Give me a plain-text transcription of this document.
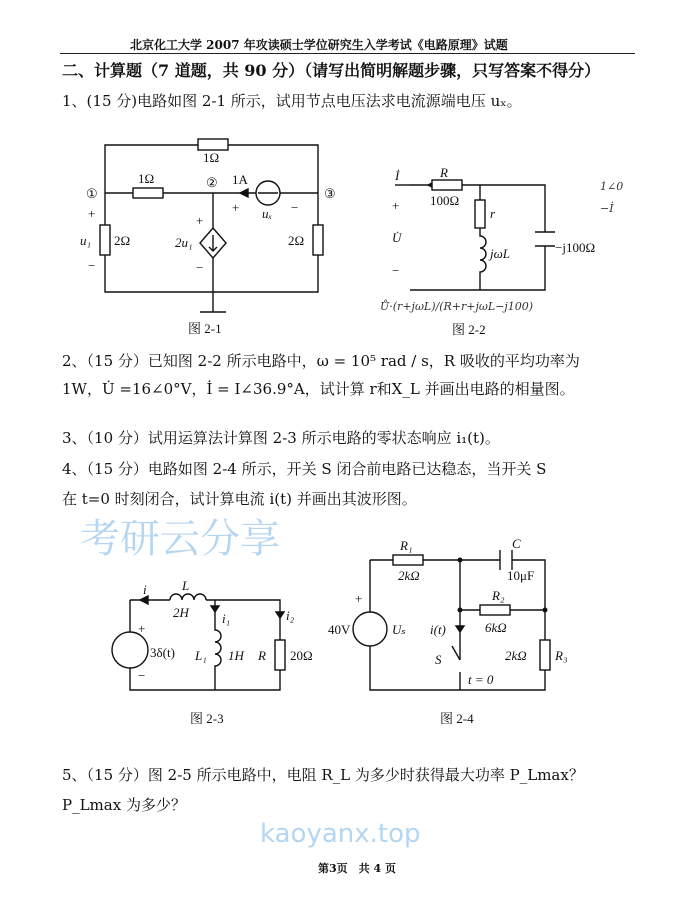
考研云分享
kaoyanx.top
北京化工大学 2007 年攻读硕士学位研究生入学考试《电路原理》试题
二、计算题（7 道题，共 90 分）（请写出简明解题步骤，只写答案不得分）
1、(15 分)电路如图 2-1 所示，试用节点电压法求电流源端电压 uₓ。
1Ω
1Ω
2Ω	2Ω
1A
uₓ
u₁	2u₁
①
②
③
+
−
+
−
+	−
图 2-1
İ	R
100Ω
r
jωL	−j100Ω
+
U̇
−
1∠0
Ů·(r+jωL)/(R+r+jωL−j100)
−İ
图 2-2
i	L
2H	i₁
L₁ 1H R 20Ω
i₂
3δ(t)
+
−
图 2-3
R₁
2kΩ
C
10μF
R₂
6kΩ
40V	Uₛ
+
i(t)
S
t = 0
2kΩ R₃
图 2-4
2、（15 分）已知图 2-2 所示电路中，ω = 10⁵ rad / s，R 吸收的平均功率为
1W，U̇ =16∠0°V，İ = I∠36.9°A，试计算 r和X_L 并画出电路的相量图。
3、（10 分）试用运算法计算图 2-3 所示电路的零状态响应 i₁(t)。
4、（15 分）电路如图 2-4 所示，开关 S 闭合前电路已达稳态，当开关 S
在 t=0 时刻闭合，试计算电流 i(t) 并画出其波形图。
5、（15 分）图 2-5 所示电路中，电阻 R_L 为多少时获得最大功率 P_Lmax？
P_Lmax 为多少？
第3页　共 4 页
